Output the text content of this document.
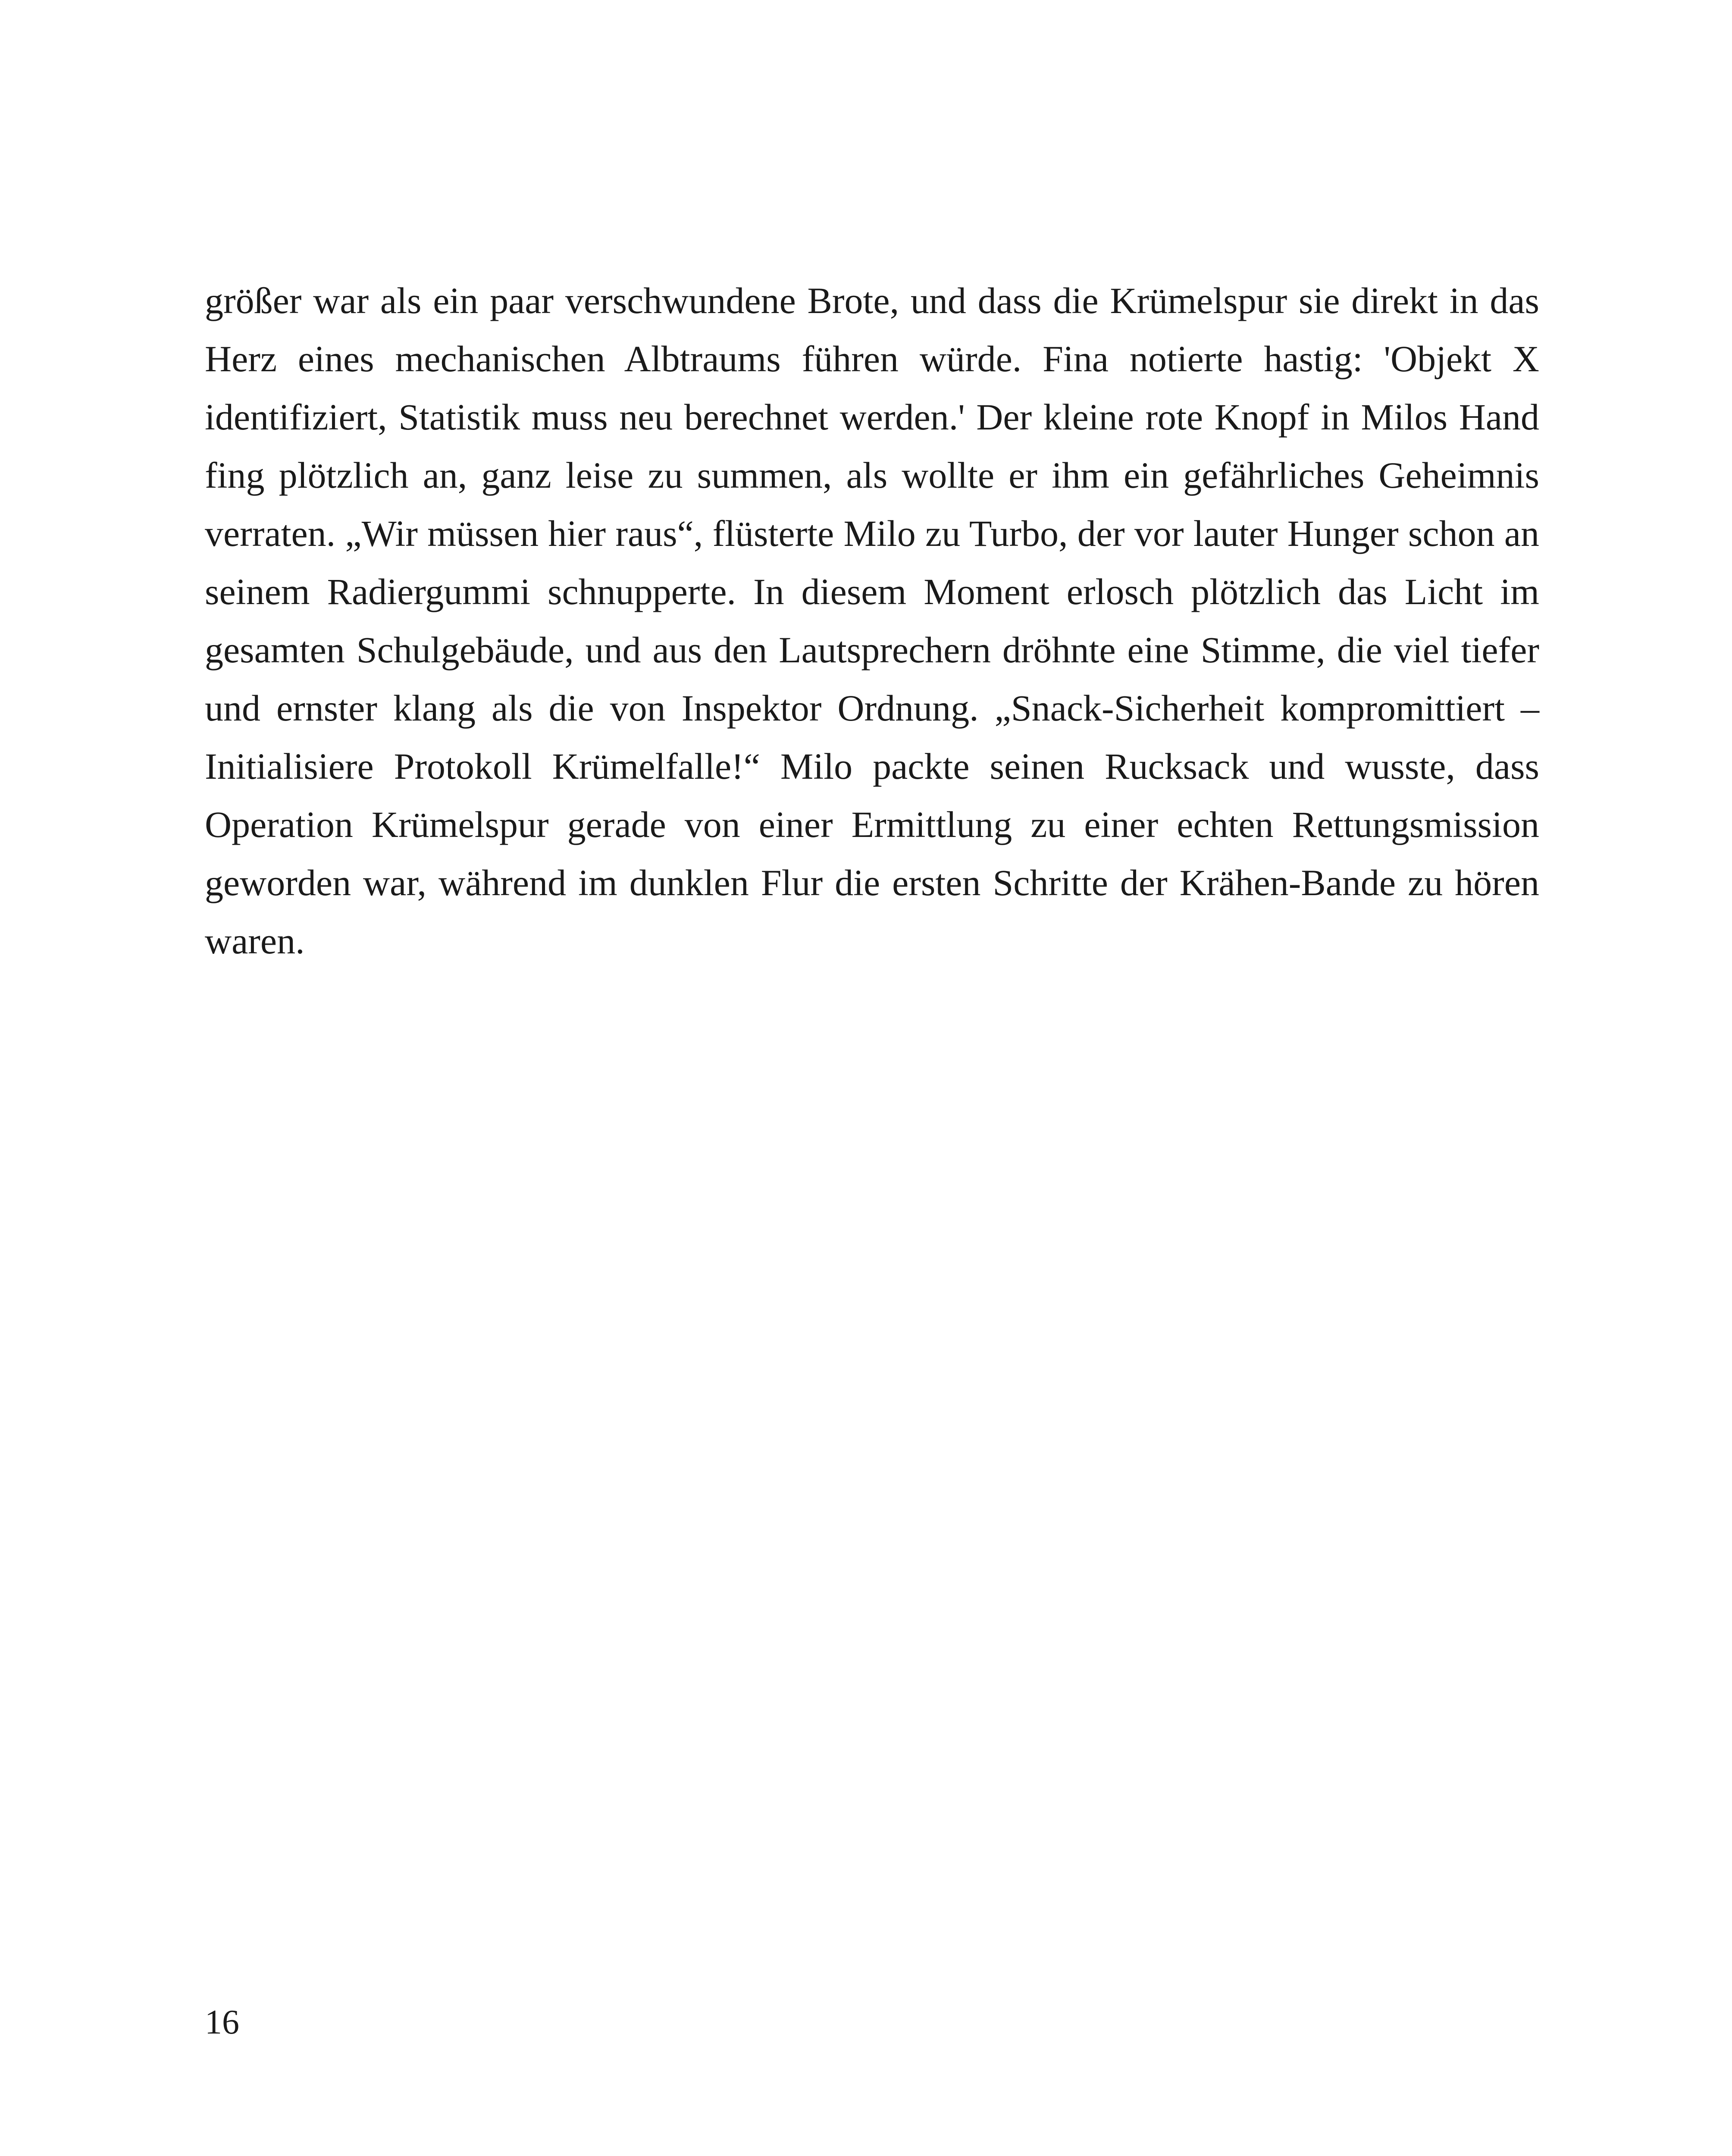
größer war als ein paar verschwundene Brote, und dass die Krümelspur sie direkt in das Herz eines mechanischen Albtraums führen würde. Fina notierte hastig: 'Objekt X identifiziert, Statistik muss neu berechnet werden.' Der kleine rote Knopf in Milos Hand fing plötzlich an, ganz leise zu summen, als wollte er ihm ein gefährliches Geheimnis verraten. „Wir müssen hier raus“, flüsterte Milo zu Turbo, der vor lauter Hunger schon an seinem Radiergummi schnupperte. In diesem Moment erlosch plötzlich das Licht im gesamten Schulgebäude, und aus den Lautsprechern dröhnte eine Stimme, die viel tiefer und ernster klang als die von Inspektor Ordnung. „Snack-Sicherheit kompromittiert – Initialisiere Protokoll Krümelfalle!“ Milo packte seinen Rucksack und wusste, dass Operation Krümelspur gerade von einer Ermittlung zu einer echten Rettungsmission geworden war, während im dunklen Flur die ersten Schritte der Krähen-Bande zu hören waren.

16
